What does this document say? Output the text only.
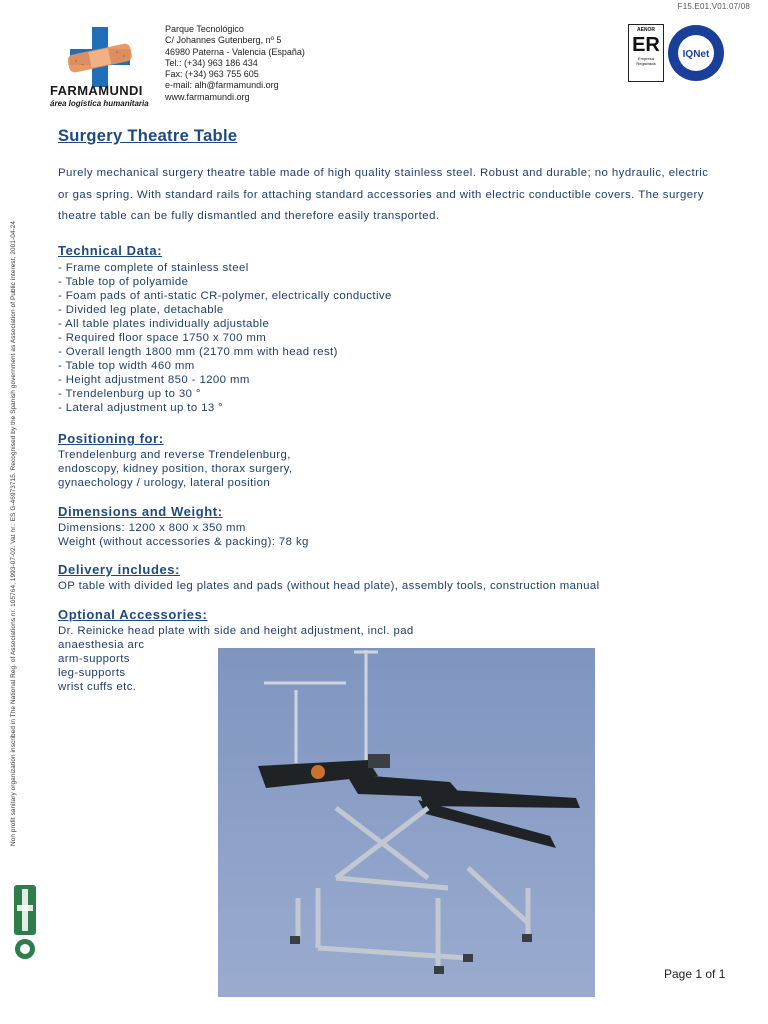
F15.E01.V01.07/08
FARMAMUNDI
área logística humanitaria
Parque Tecnológico
C/ Johannes Gutenberg, nº 5
46980 Paterna - Valencia (España)
Tel.: (+34) 963 186 434
Fax: (+34) 963 755 605
e-mail: alh@farmamundi.org
www.farmamundi.org
AENOR
ER
Empresa
Registrada
IQNet
Non profit sanitary organization inscribed in The National Reg. of Associations nr. 105764, 1993-07-02. Vat nr.: ES G-46973715. Recognised by the Spanish government as Association of Public interest, 2001-04-24
Surgery Theatre Table

Purely mechanical surgery theatre table made of high quality stainless steel. Robust and durable; no hydraulic, electric or gas spring. With standard rails for attaching standard accessories and with electric conductible covers. The surgery theatre table can be fully dismantled and therefore easily transported.

Technical Data:
- Frame complete of stainless steel
- Table top of polyamide
- Foam pads of anti-static CR-polymer, electrically conductive
- Divided leg plate, detachable
- All table plates individually adjustable
- Required floor space 1750 x 700 mm
- Overall length 1800 mm (2170 mm with head rest)
- Table top width 460 mm
- Height adjustment 850 - 1200 mm
- Trendelenburg up to 30 °
- Lateral adjustment up to 13 °
Positioning for:
Trendelenburg and reverse Trendelenburg,
endoscopy, kidney position, thorax surgery,
gynaechology / urology, lateral position
Dimensions and Weight:
Dimensions: 1200 x 800 x 350 mm
Weight (without accessories & packing): 78 kg
Delivery includes:
OP table with divided leg plates and pads (without head plate), assembly tools, construction manual
Optional Accessories:
Dr. Reinicke head plate with side and height adjustment, incl. pad
anaesthesia arc
arm-supports
leg-supports
wrist cuffs etc.
Page 1 of 1
